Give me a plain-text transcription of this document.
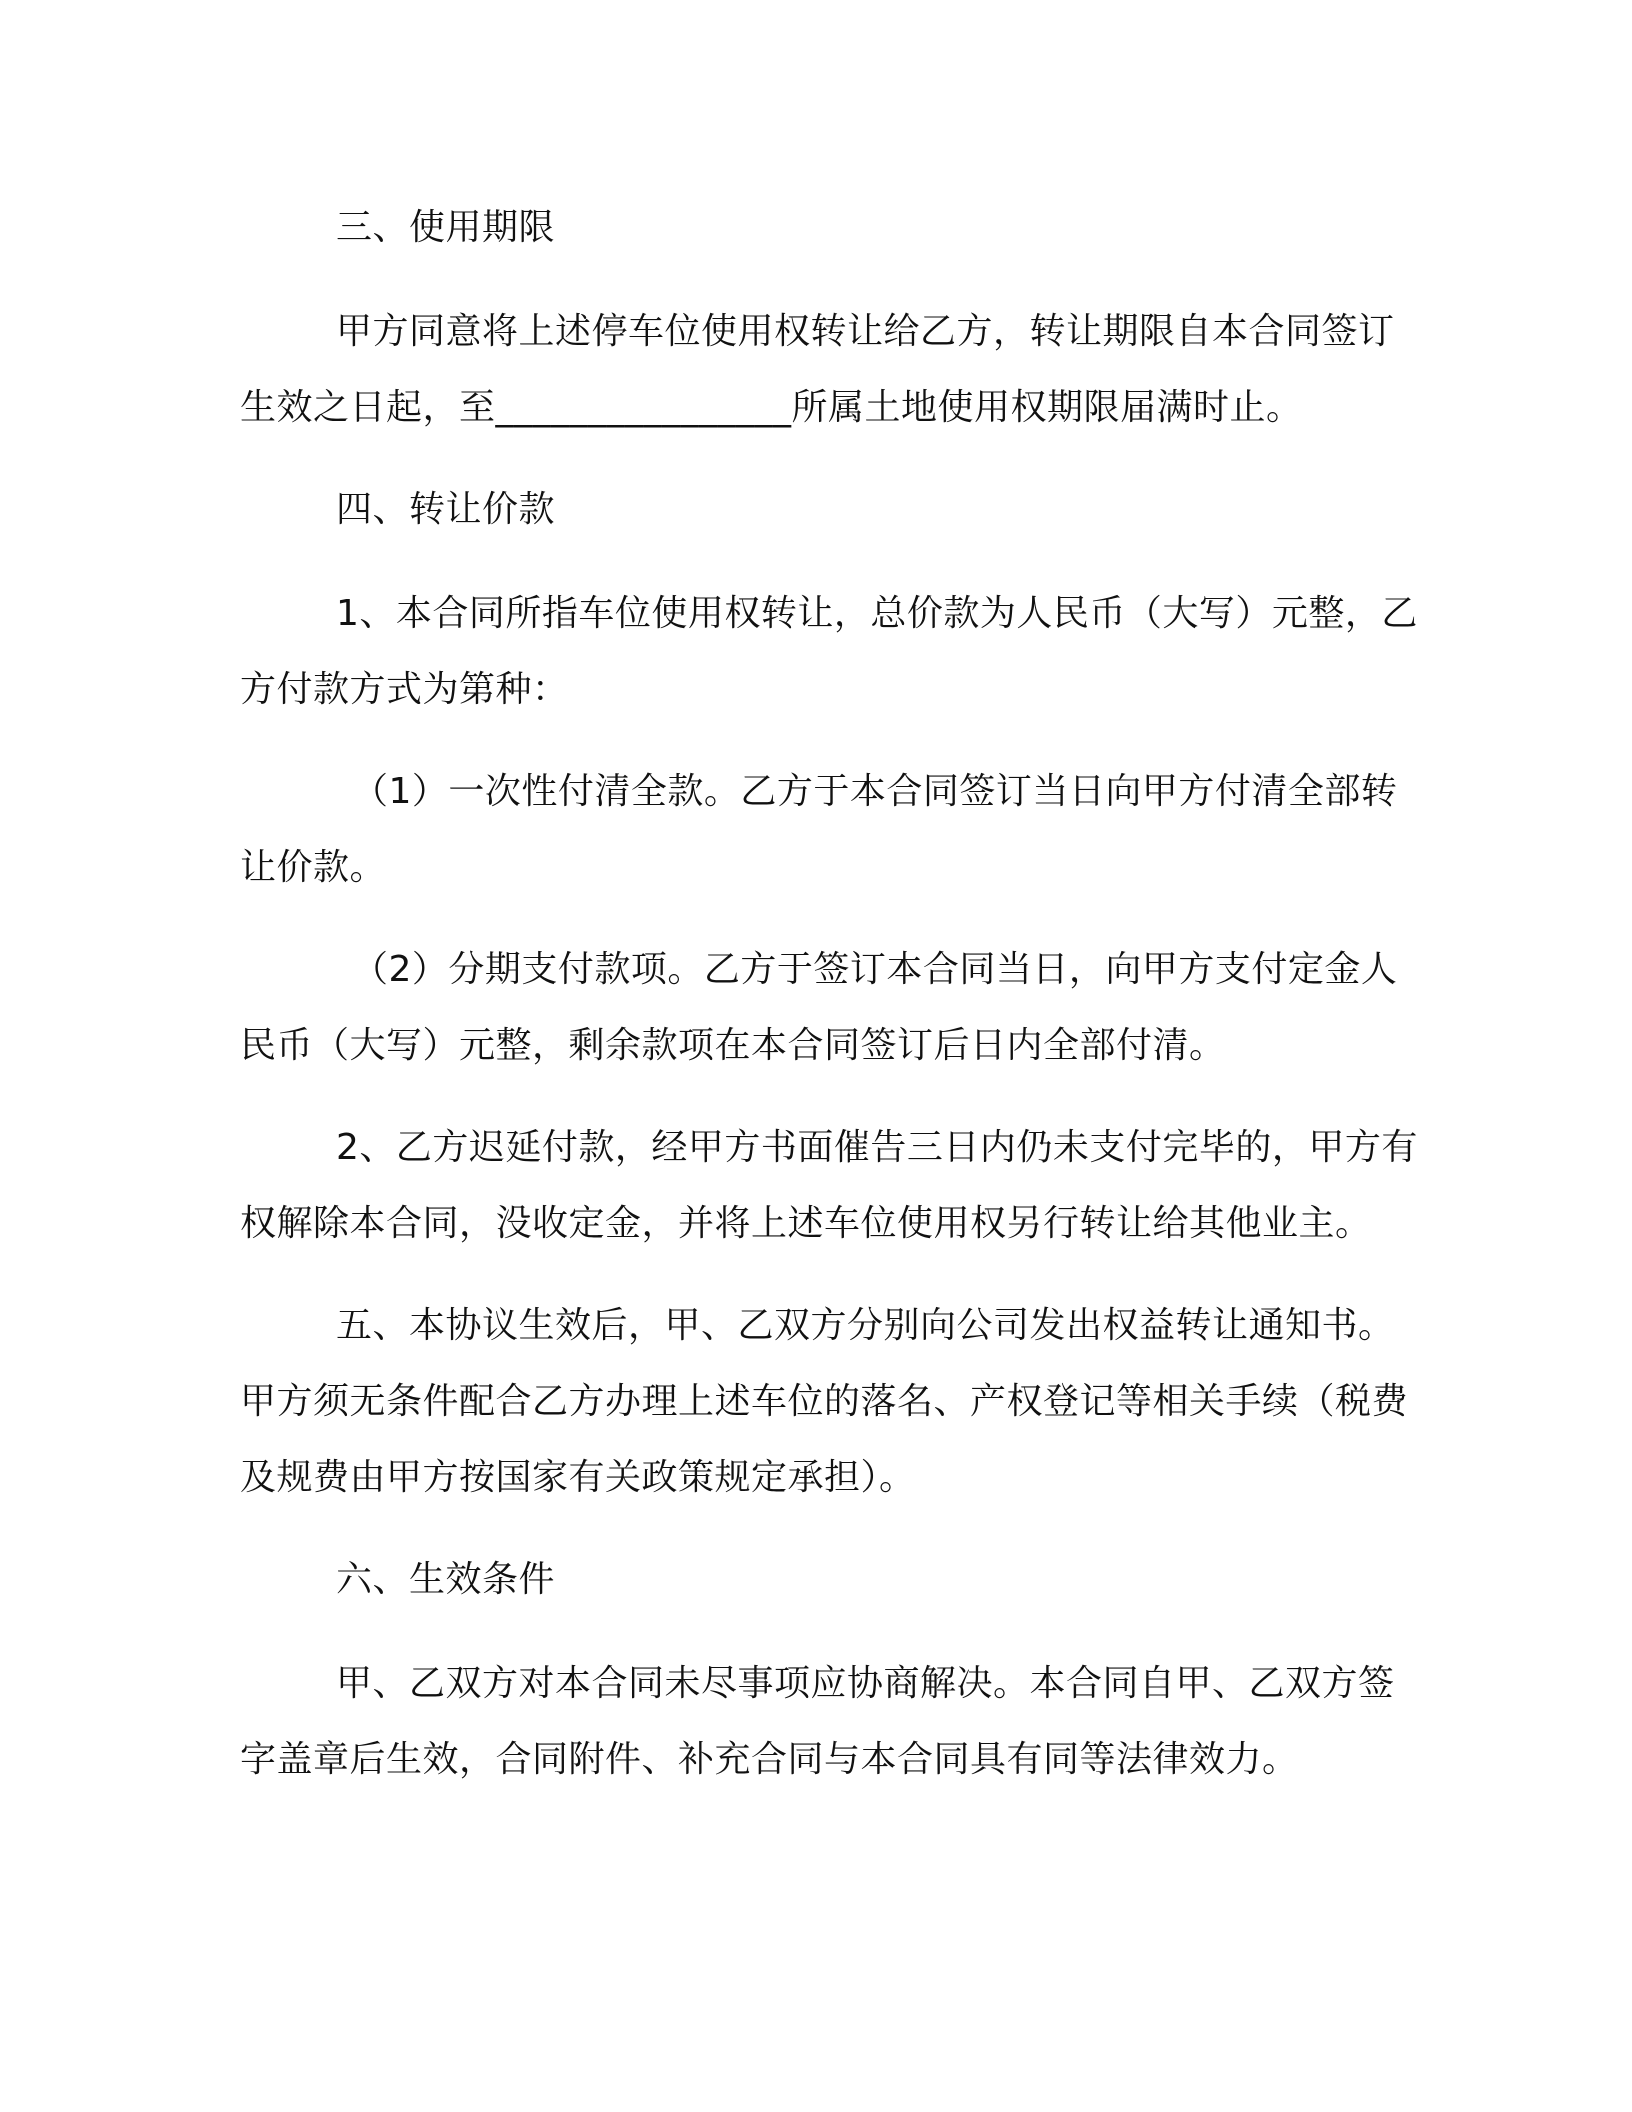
三、使用期限

甲方同意将上述停车位使用权转让给乙方，转让期限自本合同签订生效之日起，至________________所属土地使用权期限届满时止。

四、转让价款

1、本合同所指车位使用权转让，总价款为人民币（大写）元整，乙方付款方式为第种：

（1）一次性付清全款。乙方于本合同签订当日向甲方付清全部转让价款。

（2）分期支付款项。乙方于签订本合同当日，向甲方支付定金人民币（大写）元整，剩余款项在本合同签订后日内全部付清。

2、乙方迟延付款，经甲方书面催告三日内仍未支付完毕的，甲方有权解除本合同，没收定金，并将上述车位使用权另行转让给其他业主。

五、本协议生效后，甲、乙双方分别向公司发出权益转让通知书。甲方须无条件配合乙方办理上述车位的落名、产权登记等相关手续（税费及规费由甲方按国家有关政策规定承担）。

六、生效条件

甲、乙双方对本合同未尽事项应协商解决。本合同自甲、乙双方签字盖章后生效，合同附件、补充合同与本合同具有同等法律效力。
